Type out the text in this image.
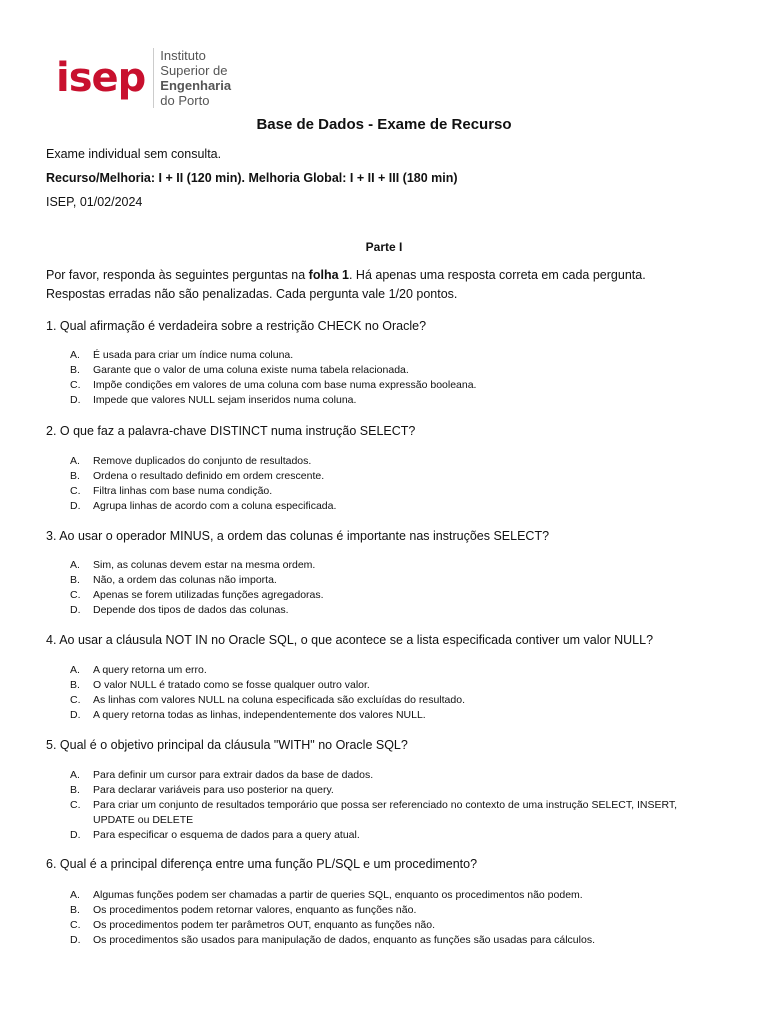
isep Instituto Superior de
Engenharia do Porto
Base de Dados - Exame de Recurso
Exame individual sem consulta.
Recurso/Melhoria: I + II (120 min). Melhoria Global: I + II + III (180 min)
ISEP, 01/02/2024
Parte I
Por favor, responda às seguintes perguntas na folha 1. Há apenas uma resposta correta em cada pergunta.
Respostas erradas não são penalizadas. Cada pergunta vale 1/20 pontos.
1. Qual afirmação é verdadeira sobre a restrição CHECK no Oracle?
A.	É usada para criar um índice numa coluna.
B.	Garante que o valor de uma coluna existe numa tabela relacionada.
C.	Impõe condições em valores de uma coluna com base numa expressão booleana.
D.	Impede que valores NULL sejam inseridos numa coluna.
2. O que faz a palavra-chave DISTINCT numa instrução SELECT?
A.	Remove duplicados do conjunto de resultados.
B.	Ordena o resultado definido em ordem crescente.
C.	Filtra linhas com base numa condição.
D.	Agrupa linhas de acordo com a coluna especificada.
3. Ao usar o operador MINUS, a ordem das colunas é importante nas instruções SELECT?
A.	Sim, as colunas devem estar na mesma ordem.
B.	Não, a ordem das colunas não importa.
C.	Apenas se forem utilizadas funções agregadoras.
D.	Depende dos tipos de dados das colunas.
4. Ao usar a cláusula NOT IN no Oracle SQL, o que acontece se a lista especificada contiver um valor NULL?
A.	A query retorna um erro.
B.	O valor NULL é tratado como se fosse qualquer outro valor.
C.	As linhas com valores NULL na coluna especificada são excluídas do resultado.
D.	A query retorna todas as linhas, independentemente dos valores NULL.
5. Qual é o objetivo principal da cláusula "WITH" no Oracle SQL?
A.	Para definir um cursor para extrair dados da base de dados.
B.	Para declarar variáveis para uso posterior na query.
C.	Para criar um conjunto de resultados temporário que possa ser referenciado no contexto de uma instrução SELECT, INSERT, UPDATE ou DELETE
D.	Para especificar o esquema de dados para a query atual.
6. Qual é a principal diferença entre uma função PL/SQL e um procedimento?
A.	Algumas funções podem ser chamadas a partir de queries SQL, enquanto os procedimentos não podem.
B.	Os procedimentos podem retornar valores, enquanto as funções não.
C.	Os procedimentos podem ter parâmetros OUT, enquanto as funções não.
D.	Os procedimentos são usados para manipulação de dados, enquanto as funções são usadas para cálculos.
